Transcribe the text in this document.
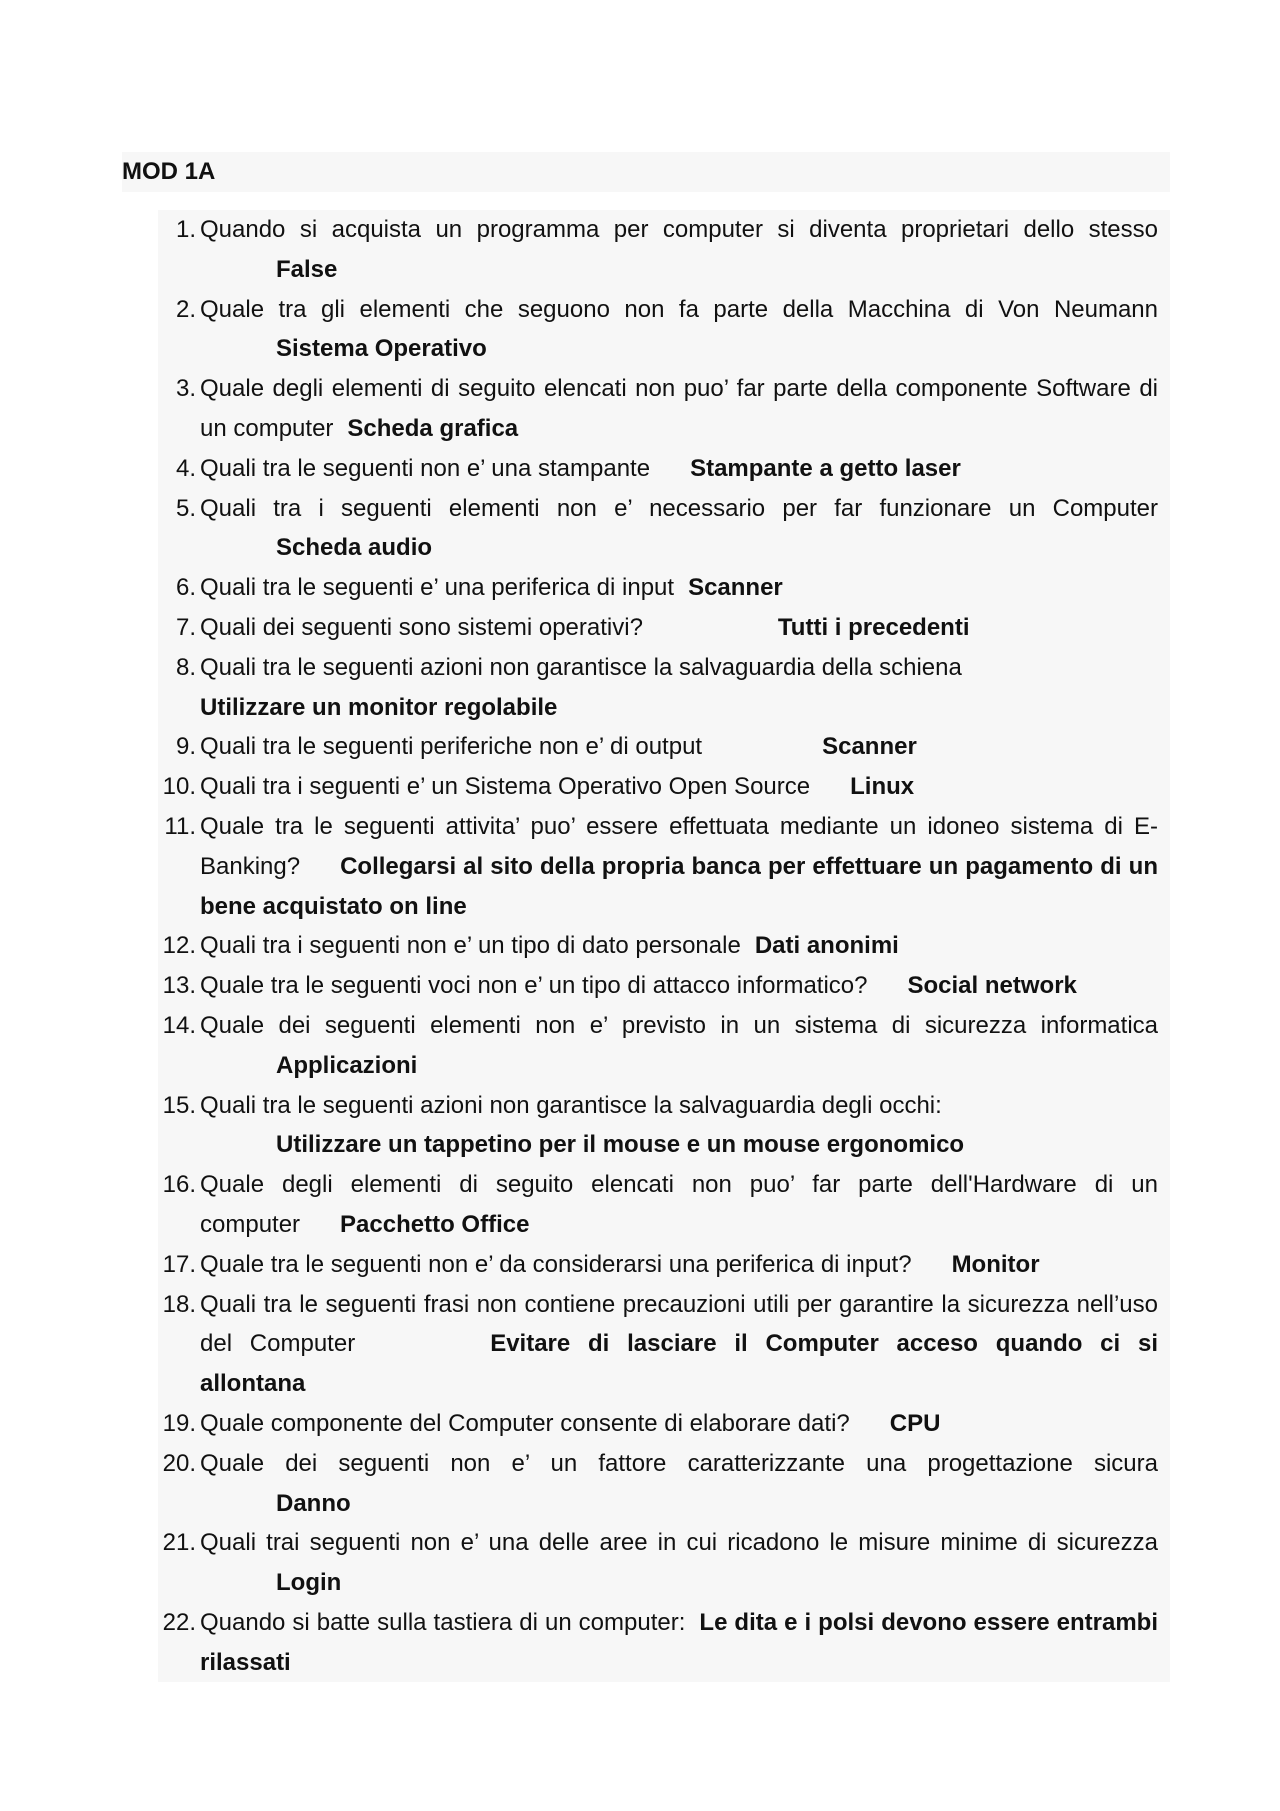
MOD 1A
1. Quando si acquista un programma per computer si diventa proprietari dello stesso
False
2. Quale tra gli elementi che seguono non fa parte della Macchina di Von Neumann
Sistema Operativo
3. Quale degli elementi di seguito elencati non puo’ far parte della componente Software di un computer Scheda grafica
4. Quali tra le seguenti non e’ una stampante Stampante a getto laser
5. Quali tra i seguenti elementi non e’ necessario per far funzionare un Computer
Scheda audio
6. Quali tra le seguenti e’ una periferica di input Scanner
7. Quali dei seguenti sono sistemi operativi?	Tutti i precedenti
8. Quali tra le seguenti azioni non garantisce la salvaguardia della schiena
Utilizzare un monitor regolabile
9. Quali tra le seguenti periferiche non e’ di output	Scanner
10. Quali tra i seguenti e’ un Sistema Operativo Open Source Linux
11. Quale tra le seguenti attivita’ puo’ essere effettuata mediante un idoneo sistema di E-Banking? Collegarsi al sito della propria banca per effettuare un pagamento di un bene acquistato on line
12. Quali tra i seguenti non e’ un tipo di dato personale Dati anonimi
13. Quale tra le seguenti voci non e’ un tipo di attacco informatico? Social network
14. Quale dei seguenti elementi non e’ previsto in un sistema di sicurezza informatica
Applicazioni
15. Quali tra le seguenti azioni non garantisce la salvaguardia degli occhi:
Utilizzare un tappetino per il mouse e un mouse ergonomico
16. Quale degli elementi di seguito elencati non puo’ far parte dell'Hardware di un computer Pacchetto Office
17. Quale tra le seguenti non e’ da considerarsi una periferica di input? Monitor
18. Quali tra le seguenti frasi non contiene precauzioni utili per garantire la sicurezza nell’uso del Computer	Evitare di lasciare il Computer acceso quando ci si allontana
19. Quale componente del Computer consente di elaborare dati? CPU
20. Quale dei seguenti non e’ un fattore caratterizzante una progettazione sicura
Danno
21. Quali trai seguenti non e’ una delle aree in cui ricadono le misure minime di sicurezza
Login
22. Quando si batte sulla tastiera di un computer: Le dita e i polsi devono essere entrambi rilassati
